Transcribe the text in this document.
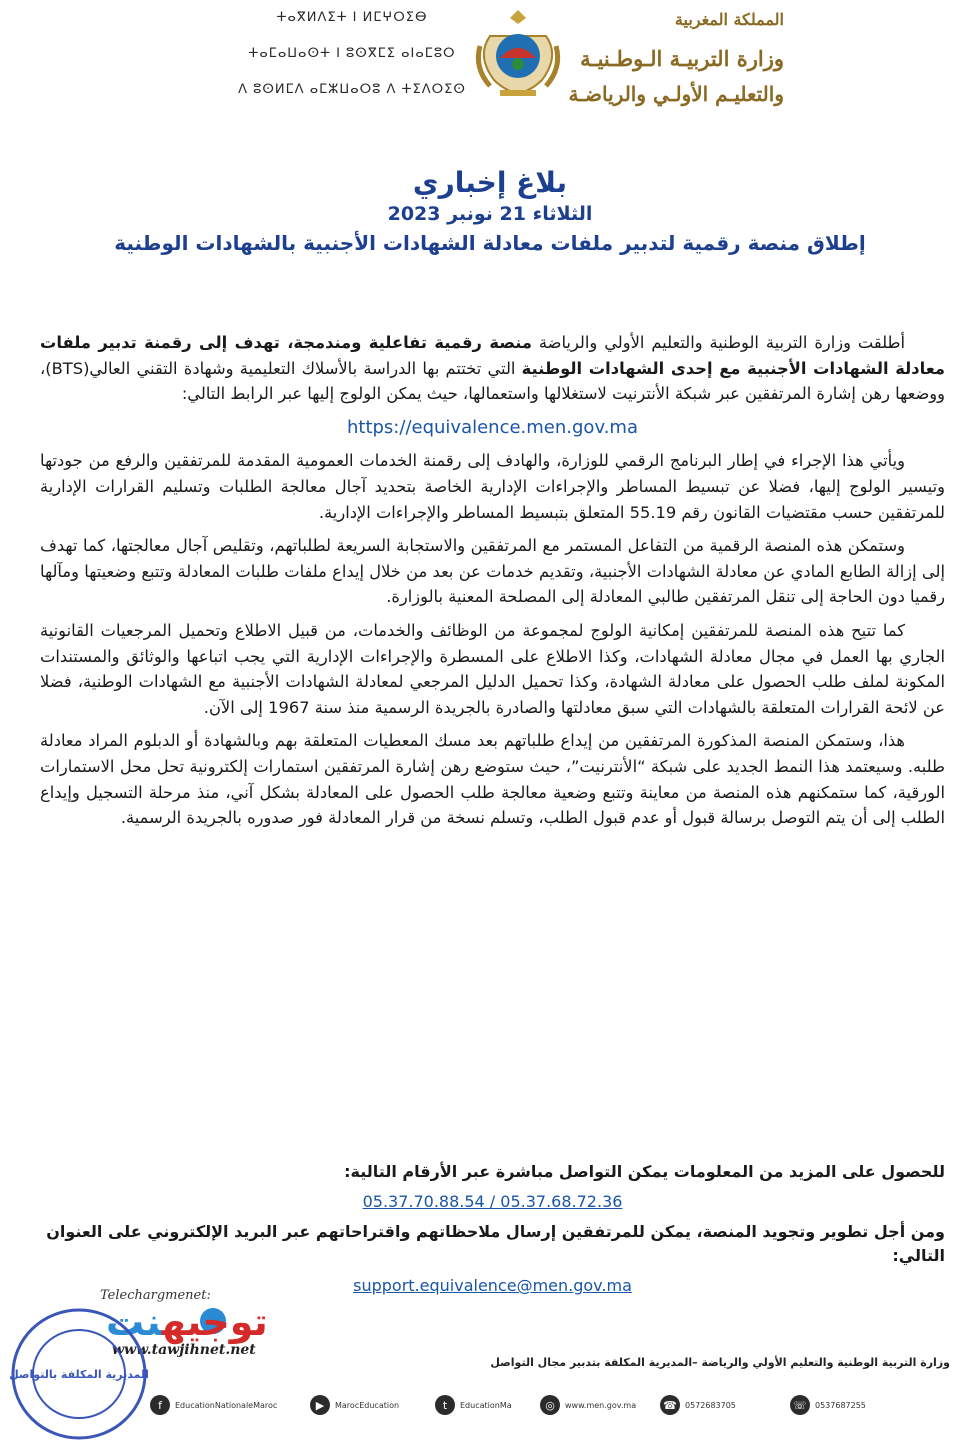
ⵜⴰⴳⵍⴷⵉⵜ ⵏ ⵍⵎⵖⵔⵉⴱ
ⵜⴰⵎⴰⵡⴰⵙⵜ ⵏ ⵓⵙⴳⵎⵉ ⴰⵏⴰⵎⵓⵔ
ⴷ ⵓⵙⵍⵎⴷ ⴰⵎⵣⵡⴰⵔⵓ ⴷ ⵜⵉⴷⵔⵉⵙ
المملكة المغربية
وزارة التربيـة الـوطـنيـة
والتعليـم الأولـي والرياضـة
بلاغ إخباري
الثلاثاء 21 نونبر 2023
إطلاق منصة رقمية لتدبير ملفات معادلة الشهادات الأجنبية بالشهادات الوطنية

أطلقت وزارة التربية الوطنية والتعليم الأولي والرياضة منصة رقمية تفاعلية ومندمجة، تهدف إلى رقمنة تدبير ملفات معادلة الشهادات الأجنبية مع إحدى الشهادات الوطنية التي تختتم بها الدراسة بالأسلاك التعليمية وشهادة التقني العالي(BTS)، ووضعها رهن إشارة المرتفقين عبر شبكة الأنترنيت لاستغلالها واستعمالها، حيث يمكن الولوج إليها عبر الرابط التالي:

https://equivalence.men.gov.ma

ويأتي هذا الإجراء في إطار البرنامج الرقمي للوزارة، والهادف إلى رقمنة الخدمات العمومية المقدمة للمرتفقين والرفع من جودتها وتيسير الولوج إليها، فضلا عن تبسيط المساطر والإجراءات الإدارية الخاصة بتحديد آجال معالجة الطلبات وتسليم القرارات الإدارية للمرتفقين حسب مقتضيات القانون رقم 55.19 المتعلق بتبسيط المساطر والإجراءات الإدارية.

وستمكن هذه المنصة الرقمية من التفاعل المستمر مع المرتفقين والاستجابة السريعة لطلباتهم، وتقليص آجال معالجتها، كما تهدف إلى إزالة الطابع المادي عن معادلة الشهادات الأجنبية، وتقديم خدمات عن بعد من خلال إيداع ملفات طلبات المعادلة وتتبع وضعيتها ومآلها رقميا دون الحاجة إلى تنقل المرتفقين طالبي المعادلة إلى المصلحة المعنية بالوزارة.

كما تتيح هذه المنصة للمرتفقين إمكانية الولوج لمجموعة من الوظائف والخدمات، من قبيل الاطلاع وتحميل المرجعيات القانونية الجاري بها العمل في مجال معادلة الشهادات، وكذا الاطلاع على المسطرة والإجراءات الإدارية التي يجب اتباعها والوثائق والمستندات المكونة لملف طلب الحصول على معادلة الشهادة، وكذا تحميل الدليل المرجعي لمعادلة الشهادات الأجنبية مع الشهادات الوطنية، فضلا عن لائحة القرارات المتعلقة بالشهادات التي سبق معادلتها والصادرة بالجريدة الرسمية منذ سنة 1967 إلى الآن.

هذا، وستمكن المنصة المذكورة المرتفقين من إيداع طلباتهم بعد مسك المعطيات المتعلقة بهم وبالشهادة أو الدبلوم المراد معادلة طلبه. وسيعتمد هذا النمط الجديد على شبكة “الأنترنيت”، حيث ستوضع رهن إشارة المرتفقين استمارات إلكترونية تحل محل الاستمارات الورقية، كما ستمكنهم هذه المنصة من معاينة وتتبع وضعية معالجة طلب الحصول على المعادلة بشكل آني، منذ مرحلة التسجيل وإيداع الطلب إلى أن يتم التوصل برسالة قبول أو عدم قبول الطلب، وتسلم نسخة من قرار المعادلة فور صدوره بالجريدة الرسمية.

للحصول على المزيد من المعلومات يمكن التواصل مباشرة عبر الأرقام التالية:
05.37.70.88.54 / 05.37.68.72.36
ومن أجل تطوير وتجويد المنصة، يمكن للمرتفقين إرسال ملاحظاتهم واقتراحاتهم عبر البريد الإلكتروني على العنوان التالي:
support.equivalence@men.gov.ma
Telechargmenet:
توجيهنت
www.tawjihnet.net
المديرية المكلفة بالتواصل
وزارة التربية الوطنية والتعليم الأولي والرياضة –المديرية المكلفة بتدبير مجال التواصل
f	EducationNationaleMaroc	▶	MarocEducation	t	EducationMa	◎	www.men.gov.ma ☎	0572683705	☏	0537687255
